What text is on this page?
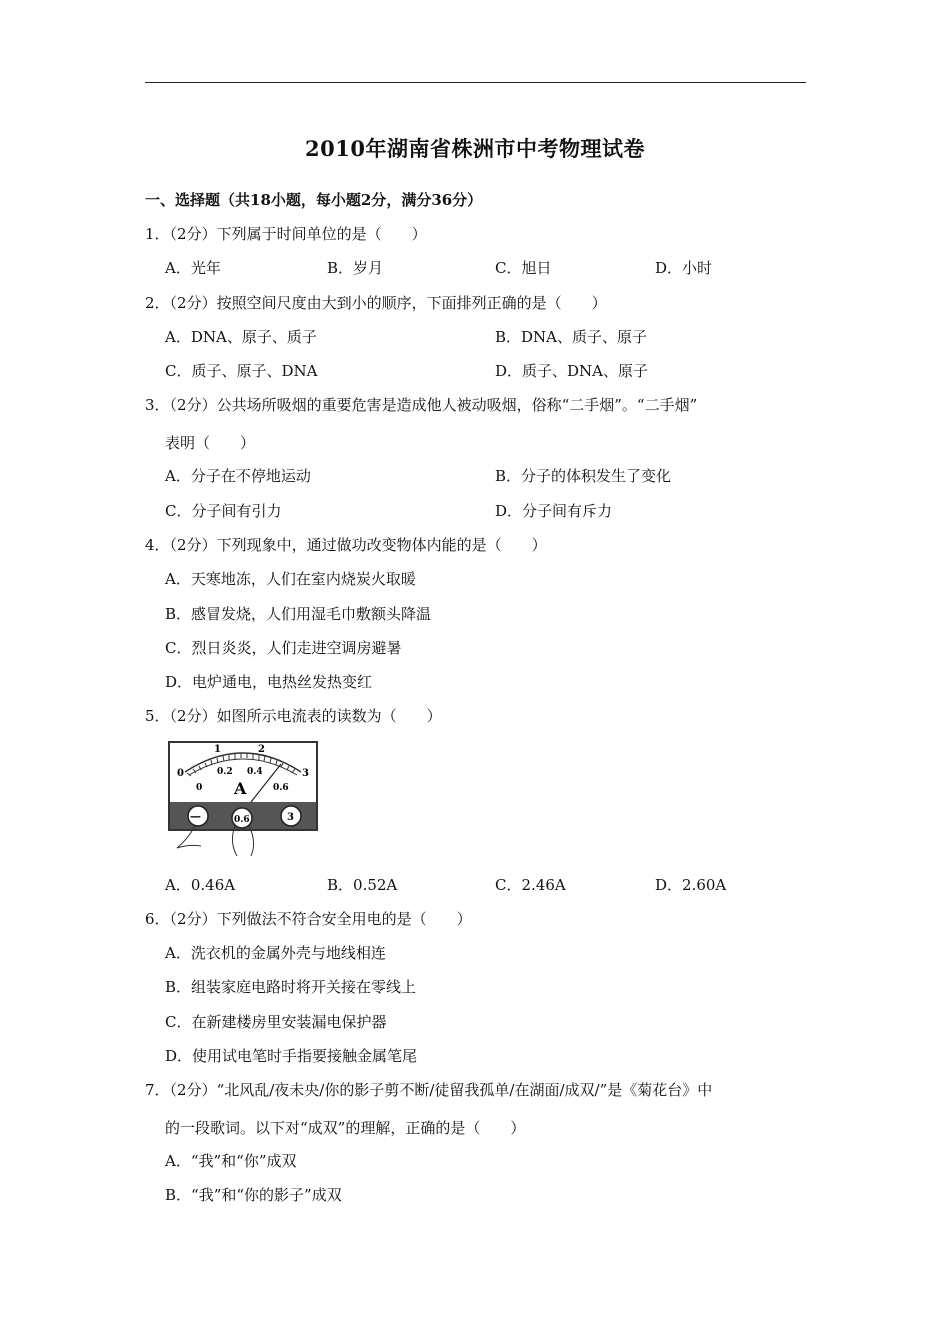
2010年湖南省株洲市中考物理试卷
一、选择题（共18小题，每小题2分，满分36分）
1．（2分）下列属于时间单位的是（　　）
A．光年	B．岁月	C．旭日	D．小时
2．（2分）按照空间尺度由大到小的顺序，下面排列正确的是（　　）
A．DNA、原子、质子	B．DNA、质子、原子
C．质子、原子、DNA	D．质子、DNA、原子
3．（2分）公共场所吸烟的重要危害是造成他人被动吸烟，俗称“二手烟”。“二手烟”
表明（　　）
A．分子在不停地运动	B．分子的体积发生了变化
C．分子间有引力	D．分子间有斥力
4．（2分）下列现象中，通过做功改变物体内能的是（　　）
A．天寒地冻，人们在室内烧炭火取暖
B．感冒发烧，人们用湿毛巾敷额头降温
C．烈日炎炎，人们走进空调房避暑
D．电炉通电，电热丝发热变红
5．（2分）如图所示电流表的读数为（　　）
0
1	2
3
0
0.2 0.4
0.6
A
—	0.6	3
A．0.46A	B．0.52A	C．2.46A	D．2.60A
6．（2分）下列做法不符合安全用电的是（　　）
A．洗衣机的金属外壳与地线相连
B．组装家庭电路时将开关接在零线上
C．在新建楼房里安装漏电保护器
D．使用试电笔时手指要接触金属笔尾
7．（2分）“北风乱/夜未央/你的影子剪不断/徒留我孤单/在湖面/成双/”是《菊花台》中
的一段歌词。以下对“成双”的理解，正确的是（　　）
A．“我”和“你”成双
B．“我”和“你的影子”成双
